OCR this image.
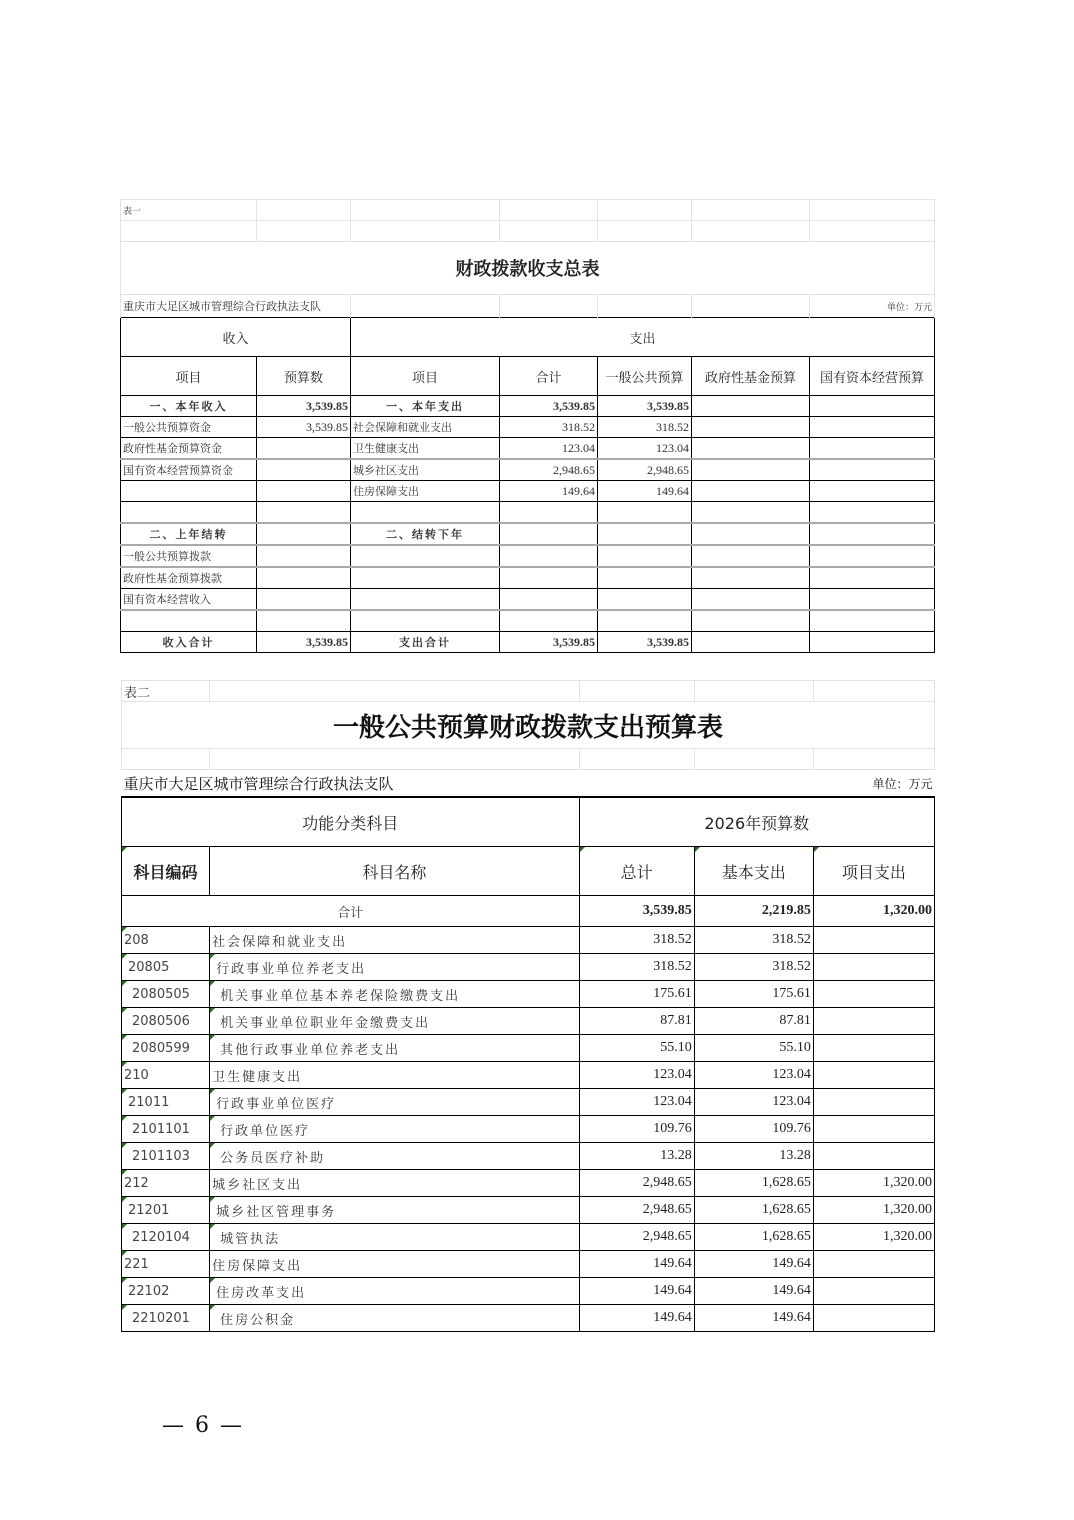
表一						

财政拨款收支总表						
重庆市大足区城市管理综合行政执法支队						单位：万元
收入		支出				
项目	预算数	项目	合计	一般公共预算	政府性基金预算	国有资本经营预算
一、本年收入	3,539.85	一、本年支出	3,539.85	3,539.85		
一般公共预算资金	3,539.85	社会保障和就业支出	318.52	318.52		
政府性基金预算资金		卫生健康支出	123.04	123.04		
国有资本经营预算资金		城乡社区支出	2,948.65	2,948.65		
		住房保障支出	149.64	149.64		

二、上年结转		二、结转下年				
一般公共预算拨款						
政府性基金预算拨款						
国有资本经营收入						

收入合计	3,539.85	支出合计	3,539.85	3,539.85		
表二				
一般公共预算财政拨款支出预算表				

重庆市大足区城市管理综合行政执法支队				单位：万元
功能分类科目		2026年预算数		
科目编码	科目名称	总计	基本支出	项目支出
合计		3,539.85	2,219.85	1,320.00
208	社会保障和就业支出	318.52	318.52	
20805	行政事业单位养老支出	318.52	318.52	
2080505	机关事业单位基本养老保险缴费支出	175.61	175.61	
2080506	机关事业单位职业年金缴费支出	87.81	87.81	
2080599	其他行政事业单位养老支出	55.10	55.10	
210	卫生健康支出	123.04	123.04	
21011	行政事业单位医疗	123.04	123.04	
2101101	行政单位医疗	109.76	109.76	
2101103	公务员医疗补助	13.28	13.28	
212	城乡社区支出	2,948.65	1,628.65	1,320.00
21201	城乡社区管理事务	2,948.65	1,628.65	1,320.00
2120104	城管执法	2,948.65	1,628.65	1,320.00
221	住房保障支出	149.64	149.64	
22102	住房改革支出	149.64	149.64	
2210201	住房公积金	149.64	149.64	
— 6 —
